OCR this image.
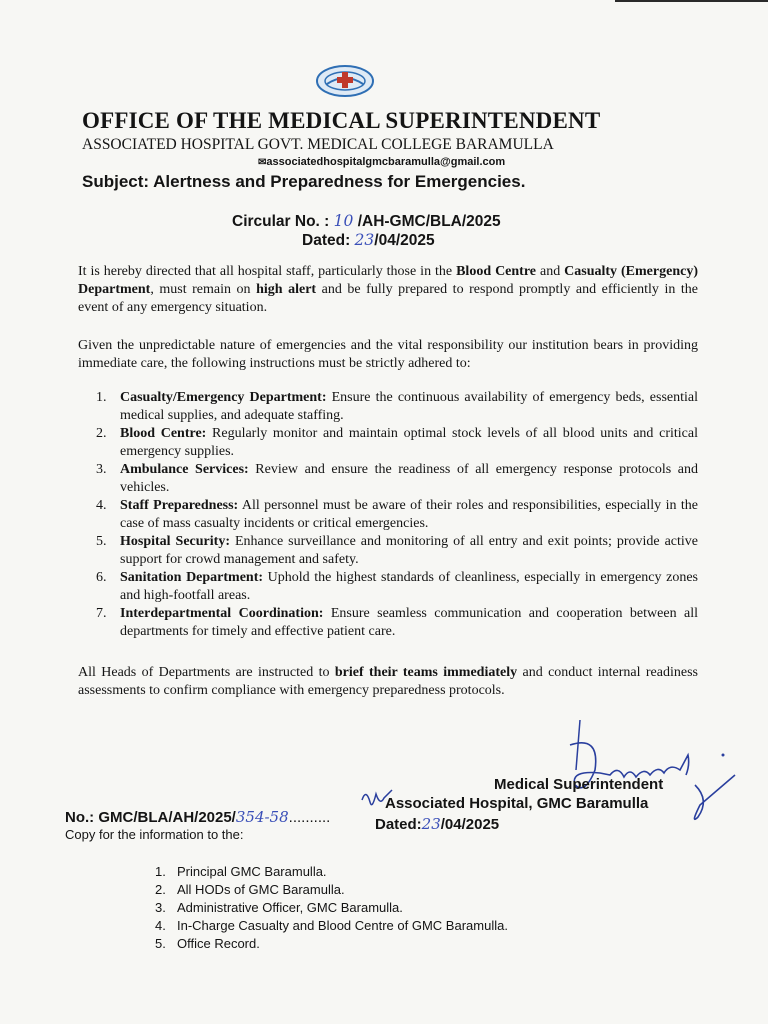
OFFICE OF THE MEDICAL SUPERINTENDENT
ASSOCIATED HOSPITAL GOVT. MEDICAL COLLEGE BARAMULLA
✉associatedhospitalgmcbaramulla@gmail.com
Subject: Alertness and Preparedness for Emergencies.
Circular No. : 10 /AH-GMC/BLA/2025
Dated: 23/04/2025
It is hereby directed that all hospital staff, particularly those in the Blood Centre and Casualty (Emergency) Department, must remain on high alert and be fully prepared to respond promptly and efficiently in the event of any emergency situation.
Given the unpredictable nature of emergencies and the vital responsibility our institution bears in providing immediate care, the following instructions must be strictly adhered to:
1. Casualty/Emergency Department: Ensure the continuous availability of emergency beds, essential medical supplies, and adequate staffing.
2. Blood Centre: Regularly monitor and maintain optimal stock levels of all blood units and critical emergency supplies.
3. Ambulance Services: Review and ensure the readiness of all emergency response protocols and vehicles.
4. Staff Preparedness: All personnel must be aware of their roles and responsibilities, especially in the case of mass casualty incidents or critical emergencies.
5. Hospital Security: Enhance surveillance and monitoring of all entry and exit points; provide active support for crowd management and safety.
6. Sanitation Department: Uphold the highest standards of cleanliness, especially in emergency zones and high-footfall areas.
7. Interdepartmental Coordination: Ensure seamless communication and cooperation between all departments for timely and effective patient care.
All Heads of Departments are instructed to brief their teams immediately and conduct internal readiness assessments to confirm compliance with emergency preparedness protocols.
Medical Superintendent
Associated Hospital, GMC Baramulla
Dated:23/04/2025
No.: GMC/BLA/AH/2025/354-58..........
Copy for the information to the:
1. Principal GMC Baramulla.
2. All HODs of GMC Baramulla.
3. Administrative Officer, GMC Baramulla.
4. In-Charge Casualty and Blood Centre of GMC Baramulla.
5. Office Record.
